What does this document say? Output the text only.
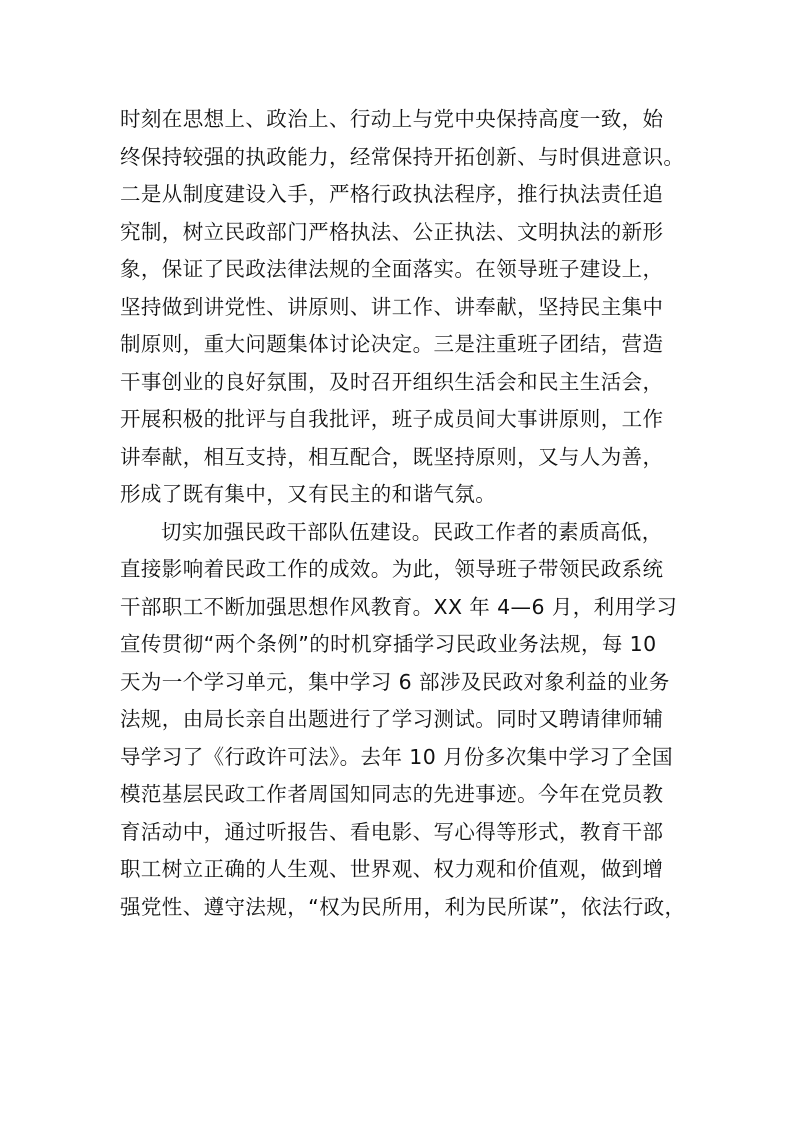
时刻在思想上、政治上、行动上与党中央保持高度一致，始
终保持较强的执政能力，经常保持开拓创新、与时俱进意识。
二是从制度建设入手，严格行政执法程序，推行执法责任追
究制，树立民政部门严格执法、公正执法、文明执法的新形
象，保证了民政法律法规的全面落实。在领导班子建设上，
坚持做到讲党性、讲原则、讲工作、讲奉献，坚持民主集中
制原则，重大问题集体讨论决定。三是注重班子团结，营造
干事创业的良好氛围，及时召开组织生活会和民主生活会，
开展积极的批评与自我批评，班子成员间大事讲原则，工作
讲奉献，相互支持，相互配合，既坚持原则，又与人为善，
形成了既有集中，又有民主的和谐气氛。
切实加强民政干部队伍建设。民政工作者的素质高低，
直接影响着民政工作的成效。为此，领导班子带领民政系统
干部职工不断加强思想作风教育。XX 年 4—6 月，利用学习
宣传贯彻“两个条例”的时机穿插学习民政业务法规，每 10
天为一个学习单元，集中学习 6 部涉及民政对象利益的业务
法规，由局长亲自出题进行了学习测试。同时又聘请律师辅
导学习了《行政许可法》。去年 10 月份多次集中学习了全国
模范基层民政工作者周国知同志的先进事迹。今年在党员教
育活动中，通过听报告、看电影、写心得等形式，教育干部
职工树立正确的人生观、世界观、权力观和价值观，做到增
强党性、遵守法规，“权为民所用，利为民所谋”，依法行政，
